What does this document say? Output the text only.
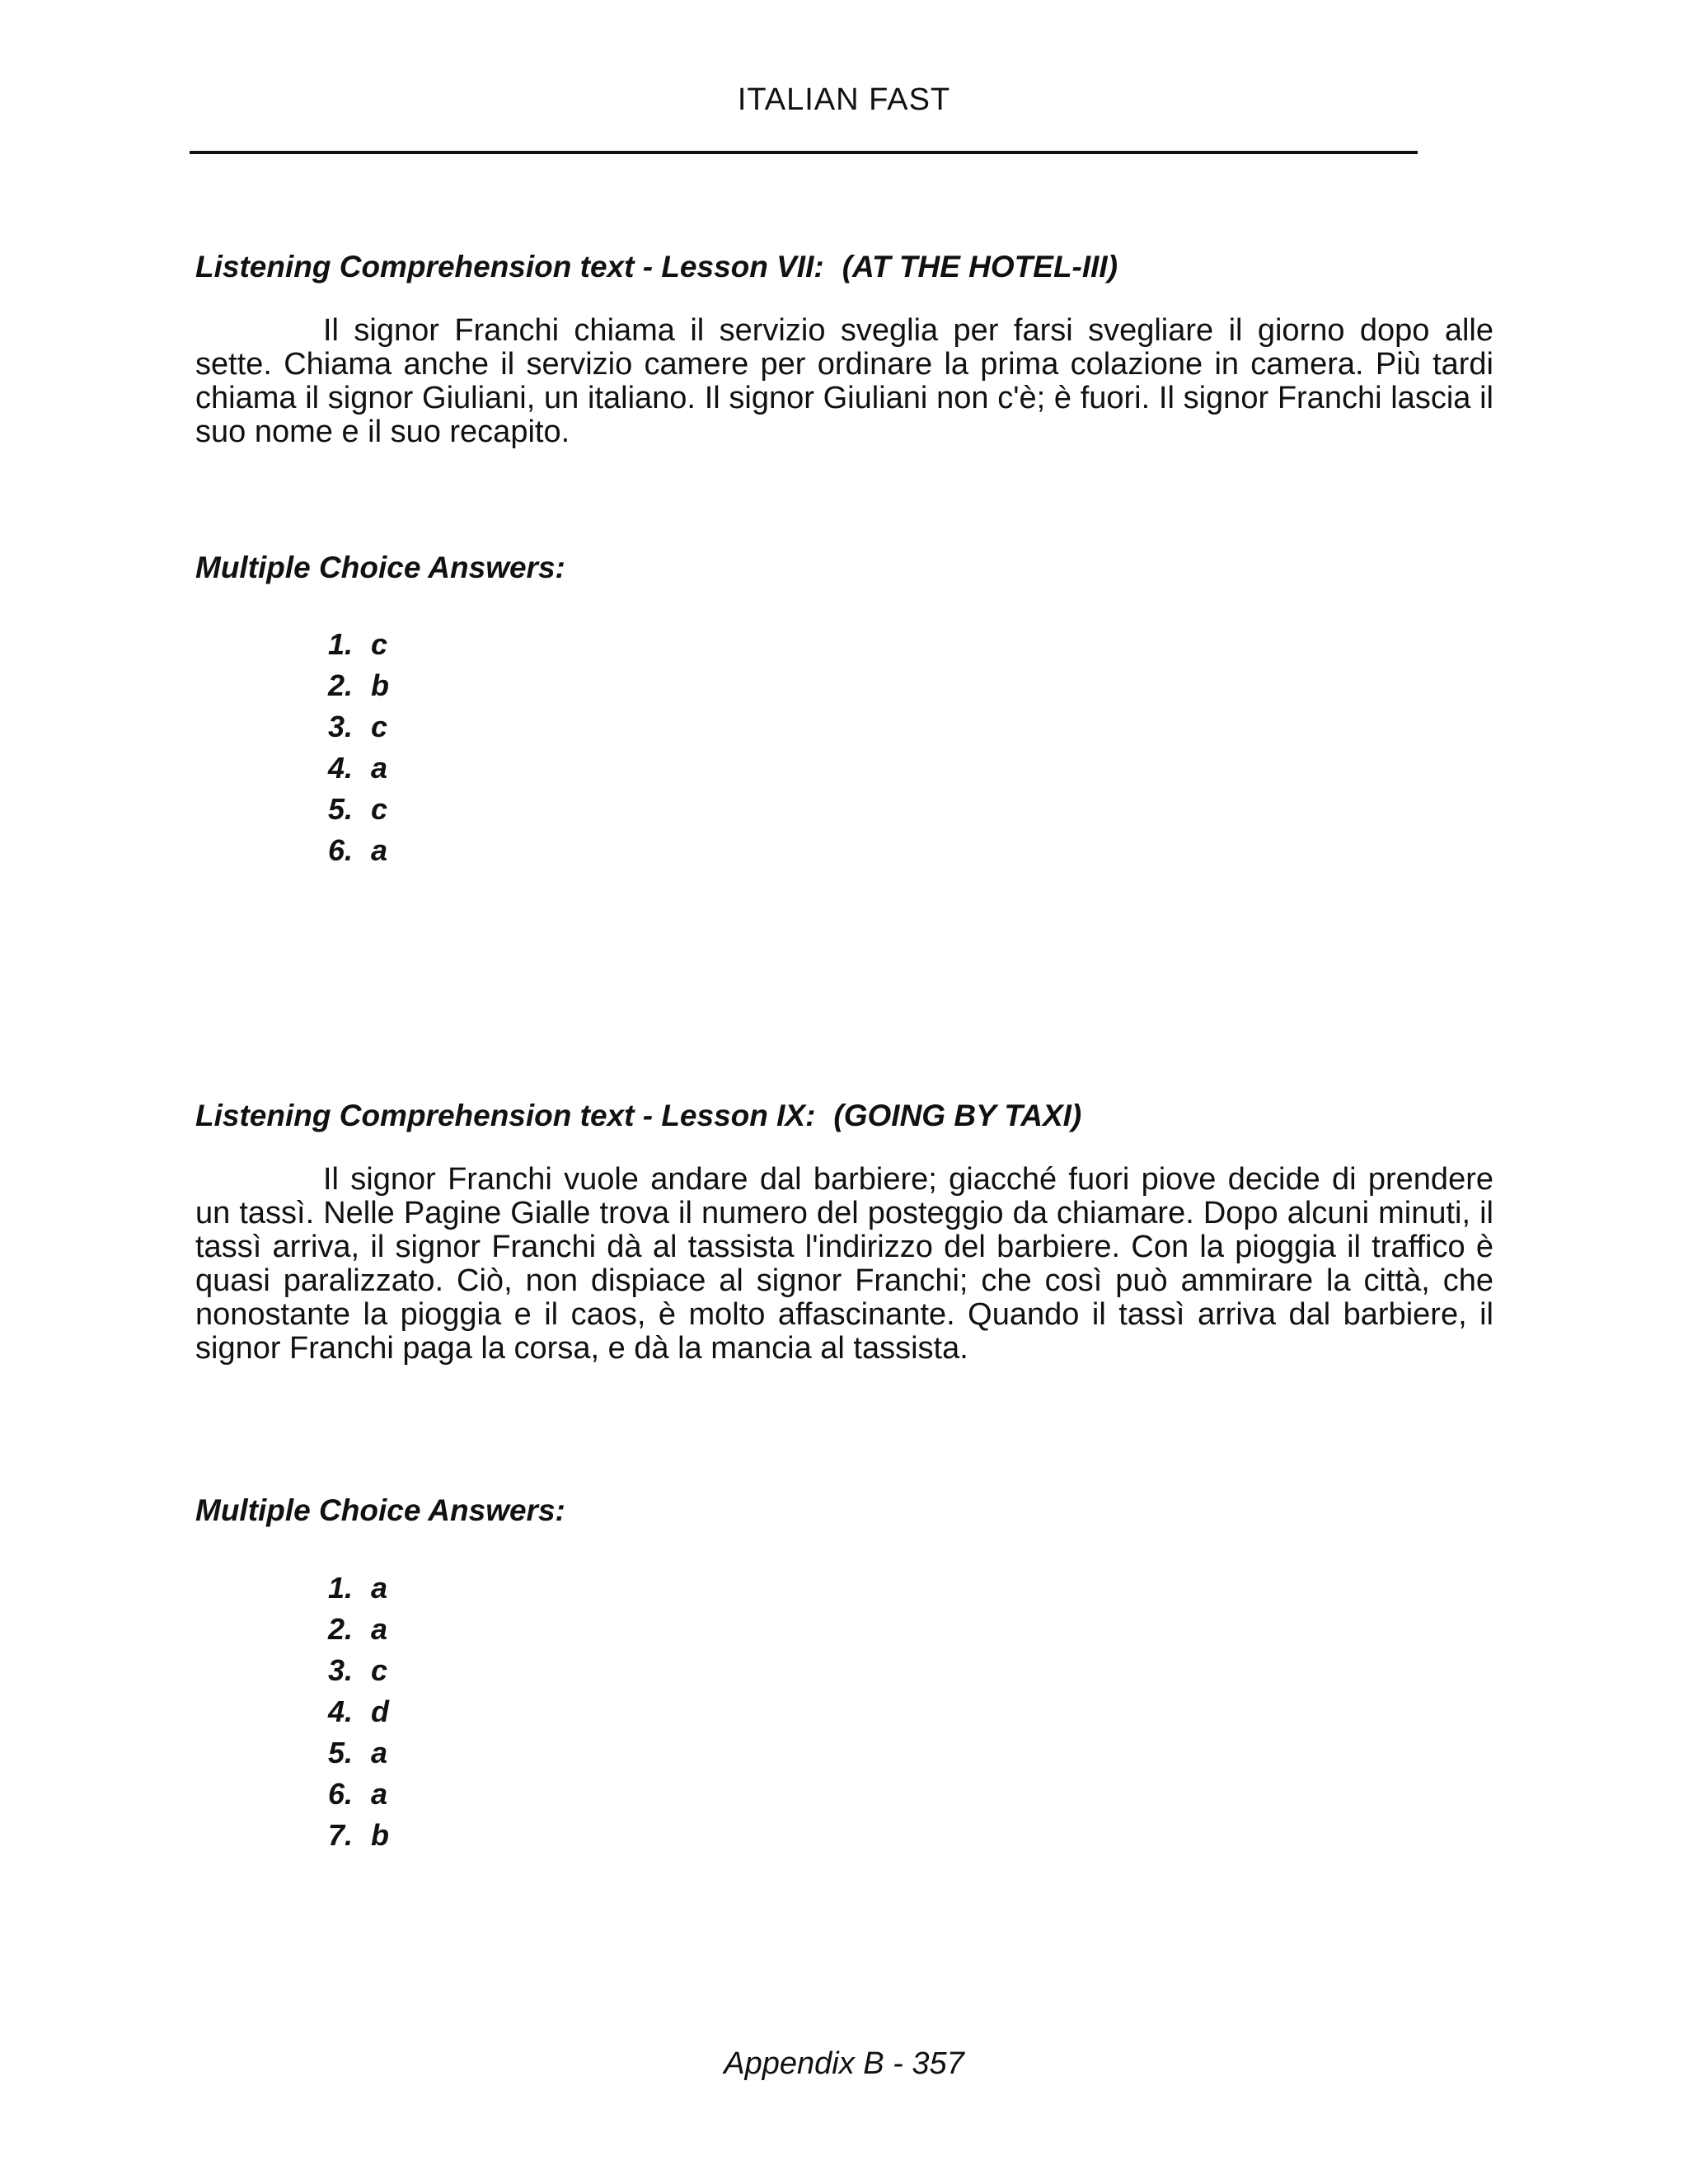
ITALIAN FAST
Listening Comprehension text - Lesson VII: (AT THE HOTEL-III)

Il signor Franchi chiama il servizio sveglia per farsi svegliare il giorno dopo alle sette. Chiama anche il servizio camere per ordinare la prima colazione in camera. Più tardi chiama il signor Giuliani, un italiano. Il signor Giuliani non c'è; è fuori. Il signor Franchi lascia il suo nome e il suo recapito.

Multiple Choice Answers:
1. c
2. b
3. c
4. a
5. c
6. a
Listening Comprehension text - Lesson IX: (GOING BY TAXI)

Il signor Franchi vuole andare dal barbiere; giacché fuori piove decide di prendere un tassì. Nelle Pagine Gialle trova il numero del posteggio da chiamare. Dopo alcuni minuti, il tassì arriva, il signor Franchi dà al tassista l'indirizzo del barbiere. Con la pioggia il traffico è quasi paralizzato. Ciò, non dispiace al signor Franchi; che così può ammirare la città, che nonostante la pioggia e il caos, è molto affascinante. Quando il tassì arriva dal barbiere, il signor Franchi paga la corsa, e dà la mancia al tassista.

Multiple Choice Answers:
1. a
2. a
3. c
4. d
5. a
6. a
7. b
Appendix B - 357
